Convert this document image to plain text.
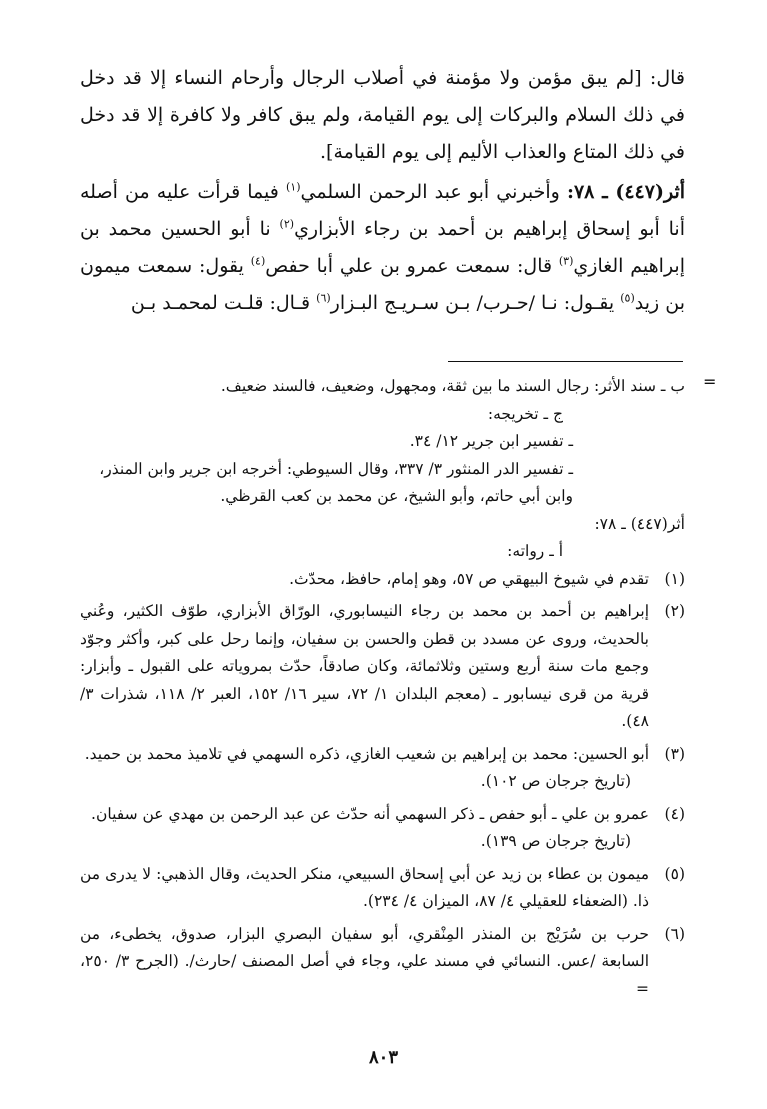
قال: [لم يبق مؤمن ولا مؤمنة في أصلاب الرجال وأرحام النساء إلا قد دخل في ذلك السلام والبركات إلى يوم القيامة، ولم يبق كافر ولا كافرة إلا قد دخل في ذلك المتاع والعذاب الأليم إلى يوم القيامة].

أثر(٤٤٧) ـ ٧٨: وأخبرني أبو عبد الرحمن السلمي$^{(١)}$ فيما قرأت عليه من أصله أنا أبو إسحاق إبراهيم بن أحمد بن رجاء الأبزاري$^{(٢)}$ نا أبو الحسين محمد بن إبراهيم الغازي$^{(٣)}$ قال: سمعت عمرو بن علي أبا حفص$^{(٤)}$ يقول: سمعت ميمون بن زيد$^{(٥)}$ يقـول: نـا /حـرب/ بـن سـريـج البـزار$^{(٦)}$ قـال: قلـت لمحمـد بـن

=

ب ـ سند الأثر: رجال السند ما بين ثقة، ومجهول، وضعيف، فالسند ضعيف.

ج ـ تخريجه:

ـ تفسير ابن جرير ١٢/ ٣٤.

ـ تفسير الدر المنثور ٣/ ٣٣٧، وقال السيوطي: أخرجه ابن جرير وابن المنذر، وابن أبي حاتم، وأبو الشيخ، عن محمد بن كعب القرظي.

أثر(٤٤٧) ـ ٧٨:

أ ـ رواته:

(١)
تقدم في شيوخ البيهقي ص ٥٧، وهو إمام، حافظ، محدّث.
(٢)
إبراهيم بن أحمد بن محمد بن رجاء النيسابوري، الورّاق الأبزاري، طوّف الكثير، وعُني بالحديث، وروى عن مسدد بن قطن والحسن بن سفيان، وإنما رحل على كبر، وأكثر وجوّد وجمع مات سنة أربع وستين وثلاثمائة، وكان صادقاً، حدّث بمروياته على القبول ـ وأبزار: قرية من قرى نيسابور ـ (معجم البلدان ١/ ٧٢، سير ١٦/ ١٥٢، العبر ٢/ ١١٨، شذرات ٣/ ٤٨).
(٣)
أبو الحسين: محمد بن إبراهيم بن شعيب الغازي، ذكره السهمي في تلاميذ محمد بن حميد.
(تاريخ جرجان ص ١٠٢).
(٤)
عمرو بن علي ـ أبو حفص ـ ذكر السهمي أنه حدّث عن عبد الرحمن بن مهدي عن سفيان.
(تاريخ جرجان ص ١٣٩).
(٥)
ميمون بن عطاء بن زيد عن أبي إسحاق السبيعي، منكر الحديث، وقال الذهبي: لا يدرى من ذا. (الضعفاء للعقيلي ٤/ ٨٧، الميزان ٤/ ٢٣٤).
(٦)
حرب بن سُرَيْج بن المنذر المِنْقري، أبو سفيان البصري البزار، صدوق، يخطىء، من السابعة /عس. النسائي في مسند علي، وجاء في أصل المصنف /حارث/. (الجرح ٣/ ٢٥٠، =
٨٠٣
